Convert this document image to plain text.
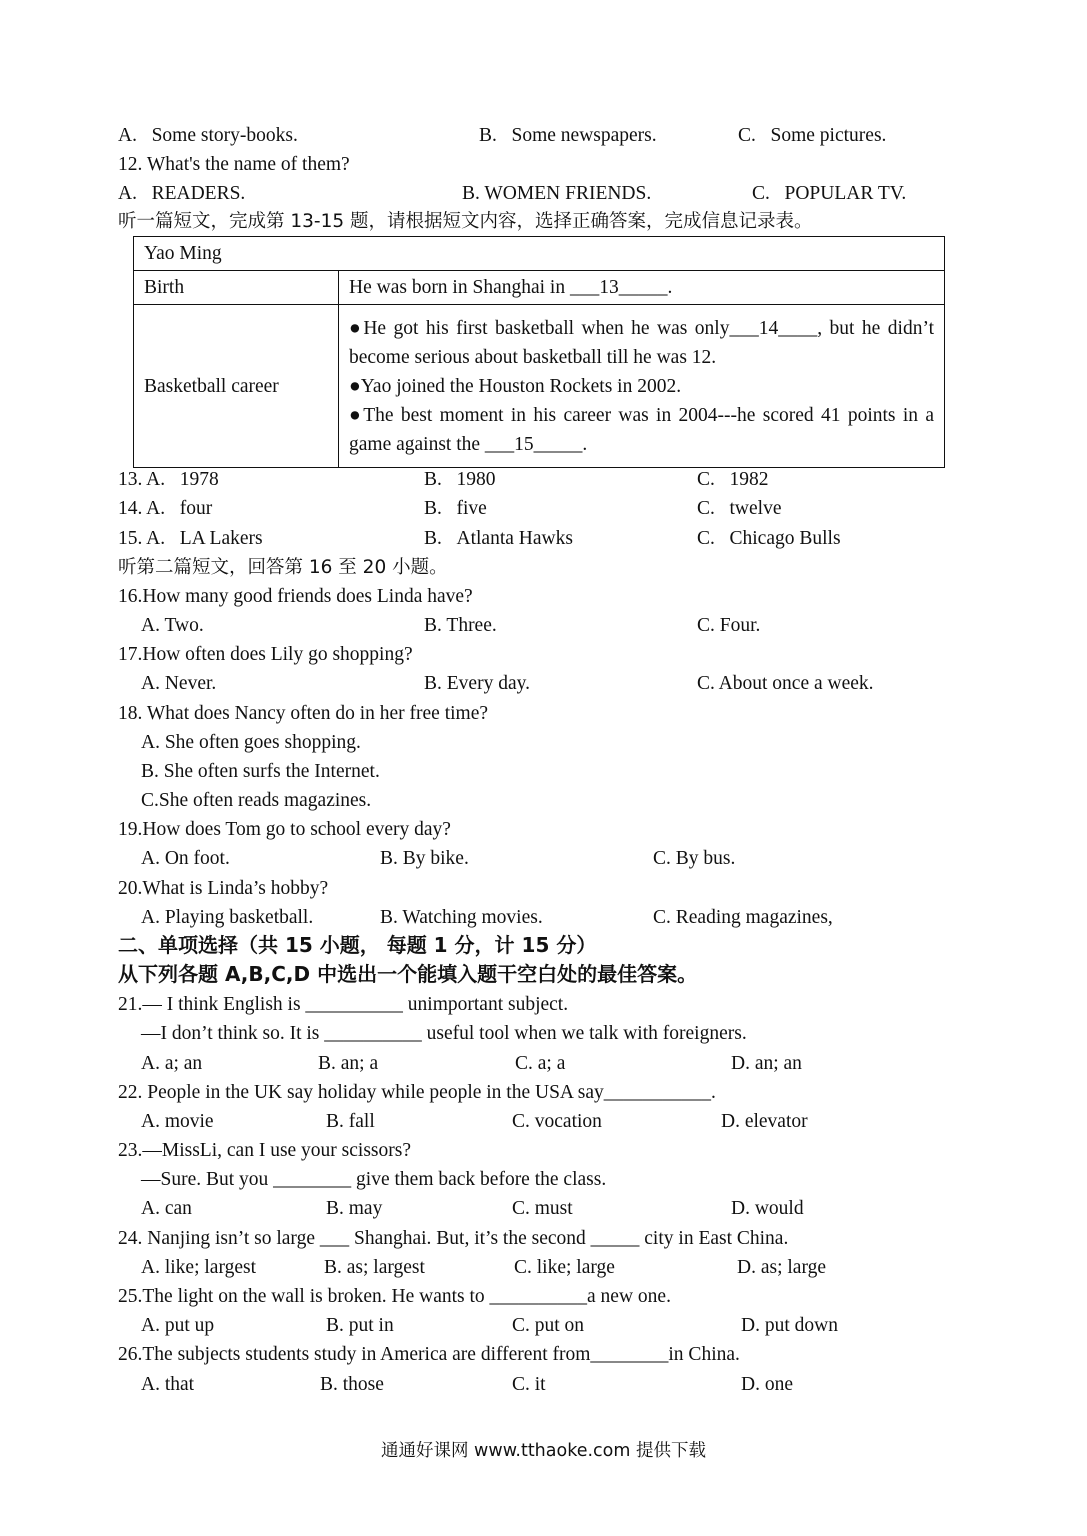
A.   Some story-books.	B.   Some newspapers.	C.   Some pictures.
12. What's the name of them?
A.   READERS.	B. WOMEN FRIENDS.	C.   POPULAR TV.
听一篇短文，完成第 13-15 题，请根据短文内容，选择正确答案，完成信息记录表。
Yao Ming	
Birth	He was born in Shanghai in ___13_____.
Basketball career	●He got his first basketball when he was only___14____, but he didn’t become serious about basketball till he was 12.
●Yao joined the Houston Rockets in 2002.
●The best moment in his career was in 2004---he scored 41 points in a game against the ___15_____.
13. A.   1978	B.   1980	C.   1982
14. A.   four	B.   five	C.   twelve
15. A.   LA Lakers	B.   Atlanta Hawks	C.   Chicago Bulls
听第二篇短文，回答第 16 至 20 小题。
16.How many good friends does Linda have?
A. Two.	B. Three.	C. Four.
17.How often does Lily go shopping?
A. Never.	B. Every day.	C. About once a week.
18. What does Nancy often do in her free time?
A. She often goes shopping.
B. She often surfs the Internet.
C.She often reads magazines.
19.How does Tom go to school every day?
A. On foot.	B. By bike.	C. By bus.
20.What is Linda’s hobby?
A. Playing basketball.	B. Watching movies.	C. Reading magazines,
二、单项选择（共 15 小题， 每题 1 分，计 15 分）
从下列各题 A,B,C,D 中选出一个能填入题干空白处的最佳答案。
21.— I think English is __________ unimportant subject.
—I don’t think so. It is __________ useful tool when we talk with foreigners.
A. a; an	B. an; a	C. a; a	D. an; an
22. People in the UK say holiday while people in the USA say___________.
A. movie	B. fall	C. vocation	D. elevator
23.—MissLi, can I use your scissors?
—Sure. But you ________ give them back before the class.
A. can	B. may	C. must	D. would
24. Nanjing isn’t so large ___ Shanghai. But, it’s the second _____ city in East China.
A. like; largest	B. as; largest	C. like; large	D. as; large
25.The light on the wall is broken. He wants to __________a new one.
A. put up	B. put in	C. put on	D. put down
26.The subjects students study in America are different from________in China.
A. that	B. those	C. it	D. one
通通好课网 www.tthaoke.com 提供下载
